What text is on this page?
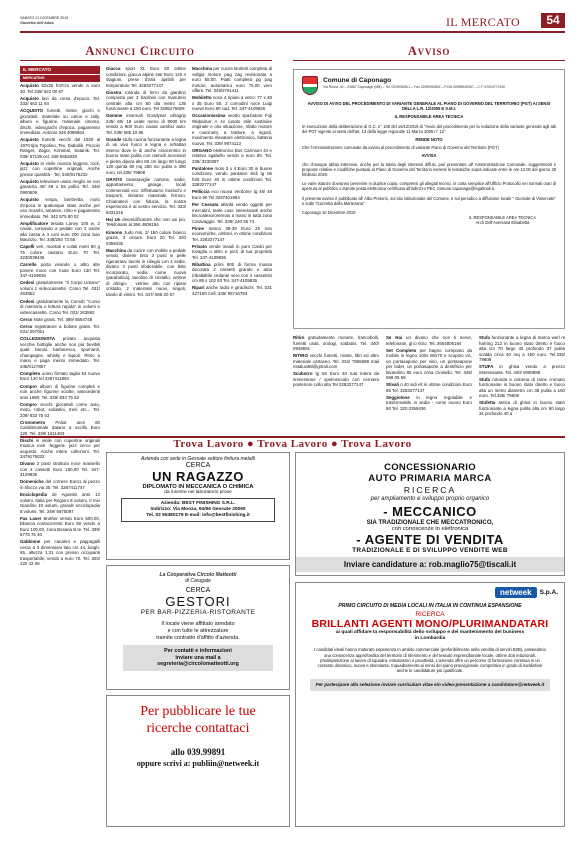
SABATO 21 DICEMBRE 2019
Gazzetta dell'Adda	IL MERCATO	54
Annunci Circuito	Avviso
IL MERCATO
MERCATINO

Acquisto 52x25 h37cm vende a euro 30. Tel 339/ 522 00 87

Acquisto lavi da corsa d'epoca. Tel. 333/ 463 11 84

ACQUISTO fumetti, riviste, giochi e giocattoli, materiale su calcio e rally, album e figurine, materiale cinema, dischi, videogiochi d'epoca, pagamento immediato. Antonio 348 4088964

Acquisto fumetti vecchi dal 1930 al 1970 tipo Topolino, Tex, Diabolik, Piccolo Ranger, Zagor, Kriminal, Satanik. Tel. 039/ 57135 cel. 348 5652838

Acquisto in vinile musica leggera, rock, jazz con copertine originali. Anche grosse quantità - Tel. 340/9175232

Acquisto televisore usato meglio se con garanzia 40/ 49 o 55 pollici Tel. 346/ 0900609

Acquisto vespa, lambretta, moto d'epoca in qualunque stato anche per uso ricambi, amatore, ritiro e pagamento immediato. Tel. 342 575 80 02

Amplificatore tesiata Laney 100 w, 2 canali, comando a pedale con 2 uscite alla cassa a 4 coni euro 200 zona San Maurizio. Tel. 348/293 73 56

Capelli veri, montati e colati metri 60 g 75 colore castano Euro 70 Tel. 3230039436

Carrello porta vivande o altro alte povere moce con ruote Euro 130 Tel. 347-4109836

Cedesi gratuitamente "Il Corpo Umano" volumi 1 videocassette. Como Tel. 031/ 263862

Cedesi gratuitamente la Comob "Corso di memoria e lettura rapida" in volumi e videocassette. Como Tel. 031/ 263862

Cerco Note gratis. Tel. 389/ 8564748

Cerco registratore a bobine gratis. Tel. 031/ 267051

COLLEZIONISTA privato acquista vecchie bottiglie anche non più bevibili quali: barolo, barbaresco, spumanti, champagne, whisky e liquori. Ritiro a mano e paga mento immediato. Tel. 345/0127857

Completo uomo firmato taglia 54 nuovo Euro 120 tel 3287411884

Compro album di figurine completi e non anche figurine sciolte, antecedenti anni 1980. Tel. 339/ 833 75 53

Compro vecchi giocattoli come auto, moto, robot, soldatini, treni etc... Tel. 339/ 833 75 53

Cronometro Poliot anni 80 Cariditmamale datario a oscillo Euro 120. Tel. 339/ 1611483

Dischi in vinile con copertine originali musica rock -leggera- jazz cerco per acquisto. Anche intere collezioni. Tel. 3479175032

Divano 2 posti struttura noce massello con 2 cassetti Euro 180,00 Tel. 347-4109836

Domeniche del corriere Euro1 al pezzo in blocco via 30. Tel. 3287411747

Enciclopedia de Agostini anni 13 volumi, Italia per Regioni 8 volumi, Il mio Giardino 10 volumi, grande enciclopedia 8 volumi. Tel. 349/ 6975097

Fax Laser Brother vendo Euro 500,00, bilancia contacorrenti Euro 60 vendo a Euro 100,00, zona Bosana B.te. Tel. 339/ 8775 75 40

Gabbione per canarini e pappagalli cerca a 3 dimensioni lato cm 44, lungh. 65, altezza 1,31 con presso occupanti trasportabile, vendo a euro 70. Tel. 320/ 220 42 59

Giacca sport XL Euro 50 ottime condizioni, giacca alpine star Euro 140 4 stagioni, prese d'aria apribili per temperature Tel. 3283277147

Giostra rotonda di ferro da giardino composta per 3 bambini con manubrio centrale alta cm 50 dia metro 135 funzionante a 150 euro. Tel 3285276606

Gomme invernali Goodyear ultragrip 245/ 60/ 18 usate meno di 8000 km vendo a 800 Euro causa cambio auto. Tel. 039/ 685 10 85

Grande stufa cucina funzionante a legna di un vivo fuoco a legna e refrattari interno dove le di anche cinocentrici in buono stato pulita con utensili accessori e pietra dipera alto 80 cm largo 60 lungo 120 quinta 80 mq 250 mc pulito a 380 euro. tel.335/ 79808

GRATIS lavastoviglie cartone, sedie, appartamento, garage, locali commerciali ecc. Effettuiamo traslochi e trasporti, ritiriamo materiale ferroso. Chiamateci con fiducia, la nostra esperienza è al vostro servizio. Tel. 333/ 8431316

Hai Un deumidificatore che non usi più. Telefonami al 366 4806184

Kimono Judo mis. 2/ 150 colore bianco grazie, 3 cinture. Euro 20 Tel. 320 0359436

Macchina da cucire con mobile a pedale vendo, diviene tinto 3 posti in pelle rigenerata, tavolo in ciliegio con 4 sedie, divano 3 posti sfoderabile, con letto incorporato, sedia come nuova (parabolica), tavolino di cristallo, vetrine di ciliegio , vetrine alto con ripiani cristallo, 2 materassi nuovi, singoli, tavolo di vimini. Tel. 347/ 568 20 57

Macchina per cucire Borletti completa di valigia motore pag zag revisionata a euro 55,00. Piatti completa pg pag motore, automatico euro 75,00 vero offere. Tel. 349/2761411

Mobiletto noce 4 ripiani a vetro: 77 x 48 x 35 Euro 50. 2 comodini noce Luigi nuove Euro 80 cad. Tel. 347-4109836

Occasionissima vendo spaziatore Fuji Widpulsor A 4v (usato stile sostituire originale e olio situazione, rifatto motore e cuscinetti, a trattore, a ingrati, movimento rilevatore elettronico, batteria nuova. Tel. 339/ 9974113

ORGANO elettronico Bos Carmium 44 e relativo sgabello vendo a euro 80. Tel. 339/ 3230387

Pantalone moto 3 x 4 Euro 30 in buone condizioni, vendo pantalon Sidi tg 06 h20 Euro 40 in ottime condizioni Tel. 3283277147

Pelliccia eco nuova Verdome tg 46/ 48 Euro 90 Tel 3297401894

Per Cessata attività vendo oggetti per mercatini, tante cose interessanti anche lincroalexo/oremoto a mano in tutta zona Caravaggio. Tel. 339/ 240 35 74

Pinne marca 38-39 Euro 25 non economiche, ombrel, in ottime condizioni Tel. 3283277147

Privato vende maioli in puro Cantù per tovaglia o altro e pizzi di tua proprietà Tel. 347-4109836

Ribaltina primi 900 di forma mossa decorata 2 cassetti grande e anta (ribaltabile cedante vero con 4 cassettini cm 89 x 102 53 Tel. 347-4109836

Ripari anche radio e giradischi. Tel. 031 427100 Cell. 339/ 95716793

Comune di Caponago
Via Roma, 40 – 20867 Caponago (MB) – Tel. 02/959698.1 – Fax 02/95969824 – P.IVA 00998940967 – C.F. 87003770150
AVVISO DI AVVIO DEL PROCEDIMENTO DI VARIANTE GENERALE AL PIANO DI GOVERNO DEL TERRITORIO (PGT) AI SENSI DELLA L.R. 12/2005 E S.M.I.
IL RESPONSABILE AREA TECNICA

In esecuzione della deliberazione di G.C. n° 108 del 16/12/2019 di "Avvio del procedimento per la redazione della variante generale agli atti del PGT vigente ai sensi dell'art. 13 della legge regionale 11 Marzo 2005 n° 12"

RENDE NOTO

Che l'Amministrazione comunale da avviso al procedimento di variante Piano di Governo del Territorio (PGT)

AVVISA

che chiunque abbia interesse, anche per la tutela degli interessi diffusi, può presentare all' Amministrazione Comunale, suggerimenti e proposte relative e modifiche puntuali al Piano di Governo del Territorio inerenti le tematiche sopra indicate entro le ore 12.00 del giorno 29 febbraio 2020.

Le varie istanze dovranno pervenire in duplice copia, comprensi gli allegati tecnici, in carta semplice all'Ufficio Protocollo nei normali orari di apertura al pubblico o tramite posta elettronica certificata all'indirizzo PEC comune.caponago@legalmail.it.

Il presente avviso è pubblicato all' Albo Pretorio, sul sito istituzionale del Comune, e sul periodico a diffusione locale " Giornale di Vimercate" e sulla "Gazzetta della Martesana".

Caponago 16 Dicembre 2019

IL RESPONSABILE AREA TECNICA
Arch Dell'Aversana Elisabetta

Ritiro gratuitamente monete, francobolli, fumetti usati, orologi, soldatini. Tel. 340/ 0938691

RITIRO vecchi fumetti, riviste, libri ed altro materiale cartaceo. Tel. 334/ 7865698 mail ristaluxi68@gmail.com

Scuborro tg 56 Euro 40 tuta intera da immersione / speleoscudo con cerniera posteriore collo alto Tel 3283277147

Se Hai un divano che non ti serve, telefonami, gl io ritiro. Tel. 3664806184

Set Completo per bagno composto da mobile in legno 100x 80x70 e scopino vic, un portasapone per viso, un portasapone per bidet, un portasapone a dentifricio per lavandino 85 euro zona Cinisello. Tel. 345/ 069 05 68

Stivali n 40 sidi elt in ottime condizioni Euro 85 Tel. 3283277147

Seggiolone in legno regolabile e trasformabile in sedia - come nuovo Euro 50 Tel. 320 0359436

Stufa funzionante a legna di marca werl m harring 212 in buono stato diretto e fuoco alta cm 70 largo 32 profondo 37 pulita scalda circa 40 mq a 150 euro. Tel.335/ 79808

STUFA in ghisa vendo a prezzo interessante. Tel. 340/ 9080899

Stufa rotonda a colonna di rame cromato funzionante in buono stato diretto e fuoco alta un metro diametro cm 35 pulita a 160 euro. Tel.335/ 79808

Stufetta antica di ghisa in buono stato funzionante a legna pulita alta cm 80 largo 31 profondo 40 a

Trova Lavoro ● Trova Lavoro ● Trova Lavoro
Azienda con sede in Gessate settore finitura metalli
CERCA
UN RAGAZZO
DIPLOMATO IN MECCANICA O CHIMICA
da inserire nel laboratorio prove
Azienda: BEST FINISHING S.R.L.
Indirizzo: Via Monza, 94/96 Gessate 20060
Tel. 02 95380179 E-mail: info@bestfinishing.it
La Cooperativa Circolo Matteotti
di Carugate
CERCA
GESTORI
PER BAR-PIZZERIA-RISTORANTE
Il locale viene affittato arredato
e con tutte le attrezzature
tramite contratto d'affitto d'azienda.
Per contatti e informazioni
inviare una mail a
segreteria@circolomatteotti.org
Per pubblicare le tue
ricerche contattaci
allo 039.99891
oppure scrivi a: publiin@netweek.it
CONCESSIONARIO
AUTO PRIMARIA MARCA
RICERCA
per ampliamento e sviluppo proprio organico
- MECCANICO
SIA TRADIZIONALE CHE MECCATRONICO,
con conoscenze in elettronica
- AGENTE DI VENDITA
TRADIZIONALE E DI SVILUPPO VENDITE WEB
Inviare candidature a: rob.maglio75@tiscali.it
netweek	S.p.A.
PRIMO CIRCUITO DI MEDIA LOCALI IN ITALIA IN CONTINUA ESPANSIONE
RICERCA
BRILLANTI AGENTI MONO/PLURIMANDATARI
ai quali affidare la responsabilità dello sviluppo e del mantenimento del business
in Lombardia
I candidati ideali hanno maturato esperienza in ambito commerciale (preferibilmente nella vendita di servizi B2B), possiedono una conoscenza approfondita del territorio di riferimento e del tessuto imprenditoriale locale, ottime doti relazionali, predisposizione al lavoro di squadra, entusiasmo e proattività. L'azienda offre un percorso di formazione continua in un contesto dinamico, nuovo e stimolante. Inquadramento ai sensi del piano provvigionale competitivo in grado di soddisfare anche le candidature più qualificate.
Per partecipare alla selezione inviare curriculum vitae e/o video-presentazione a candidature@netweek.it
